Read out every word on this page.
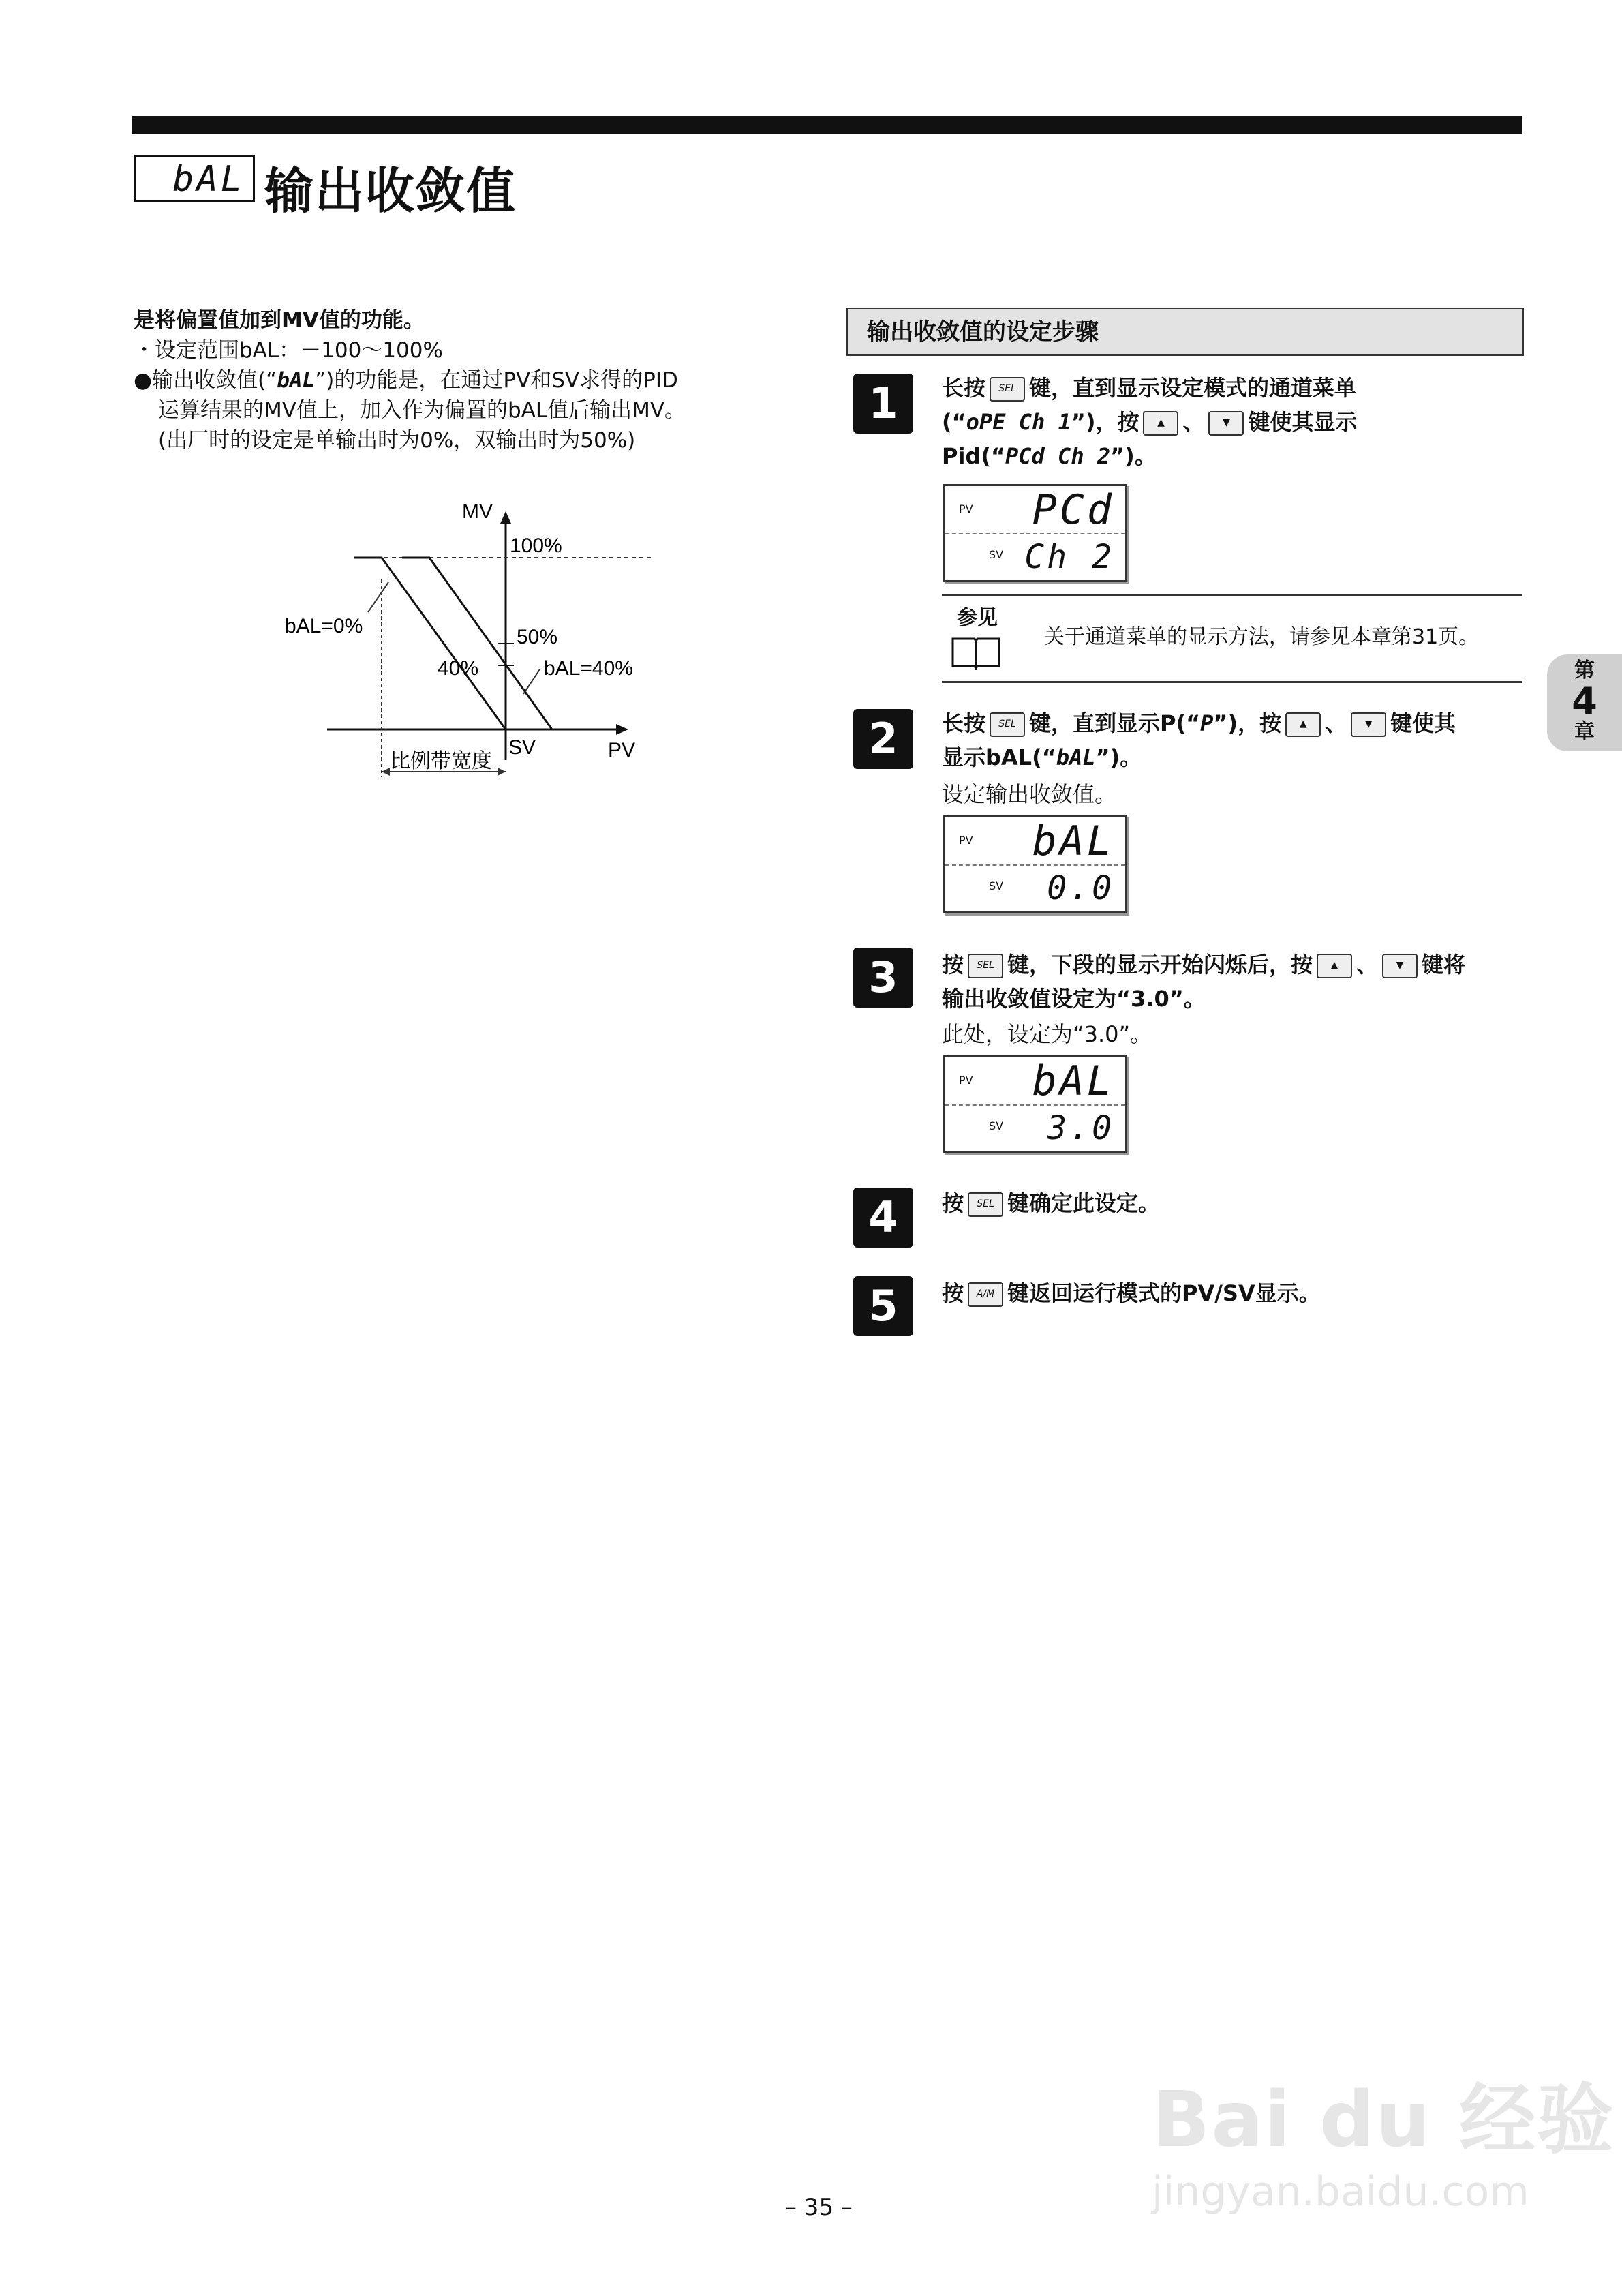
bAL 输出收敛值
是将偏置值加到MV值的功能。
・设定范围bAL：－100～100%
●输出收敛值(“bAL”)的功能是，在通过PV和SV求得的PID
运算结果的MV值上，加入作为偏置的bAL值后输出MV。
(出厂时的设定是单输出时为0%，双输出时为50%)
MV
PV
SV
100%
50%
40%
bAL=0%
bAL=40%
比例带宽度
输出收敛值的设定步骤
1	长按 SEL 键，直到显示设定模式的通道菜单
(“oPE Ch 1”)，按 ▲ 、 ▼ 键使其显示
Pid(“PCd Ch 2”)。
PV PCd
SV Ch 2
参见
关于通道菜单的显示方法，请参见本章第31页。
2	长按 SEL 键，直到显示P(“P”)，按 ▲ 、 ▼ 键使其
显示bAL(“bAL”)。
设定输出收敛值。
PV bAL
SV 0.0
3	按 SEL 键，下段的显示开始闪烁后，按 ▲ 、 ▼ 键将
输出收敛值设定为“3.0”。
此处，设定为“3.0”。
PV bAL
SV 3.0
4	按 SEL 键确定此设定。
5	按 A/M 键返回运行模式的PV/SV显示。
第
4
章
– 35 –
Bai du 经验
jingyan.baidu.com
